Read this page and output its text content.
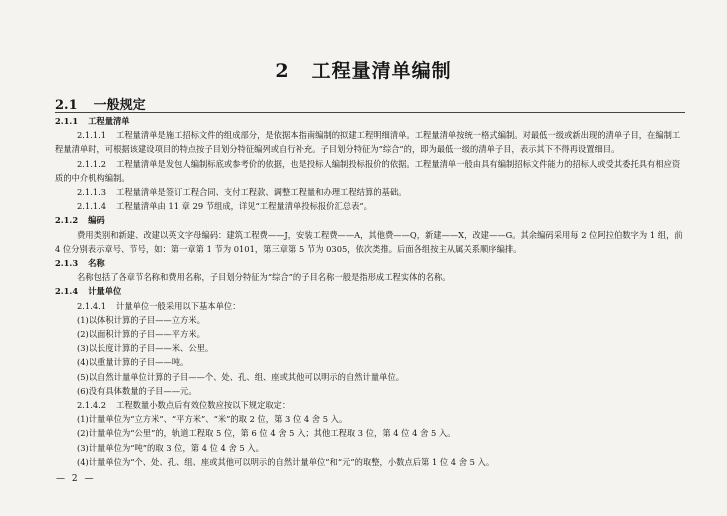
2 工程量清单编制
2.1 一般规定
2.1.1 工程量清单
2.1.1.1 工程量清单是施工招标文件的组成部分，是依据本指南编制的拟建工程明细清单。工程量清单按统一格式编制。对最低一级或新出现的清单子目，在编制工程量清单时，可根据该建设项目的特点按子目划分特征编列或自行补充。子目划分特征为“综合”的，即为最低一级的清单子目，表示其下不得再设置细目。
2.1.1.2 工程量清单是发包人编制标底或参考价的依据，也是投标人编制投标报价的依据。工程量清单一般由具有编制招标文件能力的招标人或受其委托具有相应资质的中介机构编制。
2.1.1.3 工程量清单是签订工程合同、支付工程款、调整工程量和办理工程结算的基础。
2.1.1.4 工程量清单由 11 章 29 节组成，详见“工程量清单投标报价汇总表”。
2.1.2 编码
费用类别和新建、改建以英文字母编码：建筑工程费——J，安装工程费——A，其他费——Q，新建——X，改建——G。其余编码采用每 2 位阿拉伯数字为 1 组，前 4 位分别表示章号、节号，如：第一章第 1 节为 0101，第三章第 5 节为 0305，依次类推。后面各组按主从属关系顺序编排。
2.1.3 名称
名称包括了各章节名称和费用名称，子目划分特征为“综合”的子目名称一般是指形成工程实体的名称。
2.1.4 计量单位
2.1.4.1 计量单位一般采用以下基本单位：
(1)以体积计算的子目——立方米。
(2)以面积计算的子目——平方米。
(3)以长度计算的子目——米、公里。
(4)以重量计算的子目——吨。
(5)以自然计量单位计算的子目——个、处、孔、组、座或其他可以明示的自然计量单位。
(6)没有具体数量的子目——元。
2.1.4.2 工程数量小数点后有效位数应按以下规定取定：
(1)计量单位为“立方米”、“平方米”、“米”的取 2 位，第 3 位 4 舍 5 入。
(2)计量单位为“公里”的，轨道工程取 5 位，第 6 位 4 舍 5 入；其他工程取 3 位，第 4 位 4 舍 5 入。
(3)计量单位为“吨”的取 3 位，第 4 位 4 舍 5 入。
(4)计量单位为“个、处、孔、组、座或其他可以明示的自然计量单位”和“元”的取整，小数点后第 1 位 4 舍 5 入。
— 2 —
